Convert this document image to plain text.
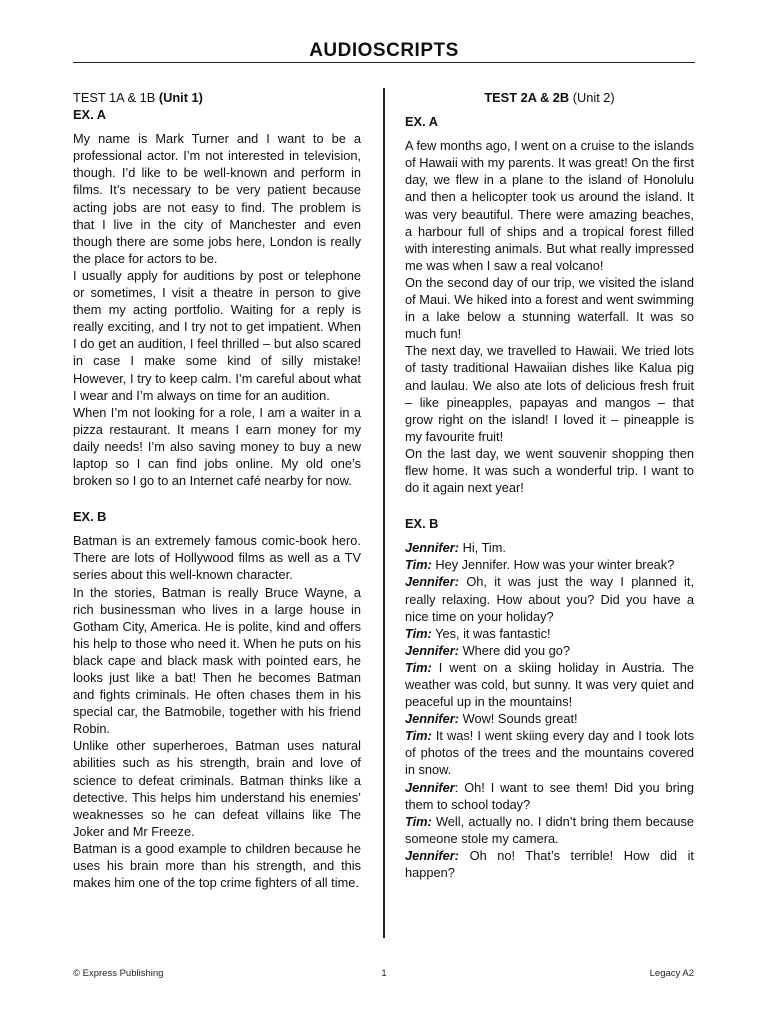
AUDIOSCRIPTS

TEST 1A & 1B (Unit 1)

EX. A

My name is Mark Turner and I want to be a professional actor. I’m not interested in television, though. I’d like to be well-known and perform in films. It’s necessary to be very patient because acting jobs are not easy to find. The problem is that I live in the city of Manchester and even though there are some jobs here, London is really the place for actors to be.

I usually apply for auditions by post or telephone or sometimes, I visit a theatre in person to give them my acting portfolio. Waiting for a reply is really exciting, and I try not to get impatient. When I do get an audition, I feel thrilled – but also scared in case I make some kind of silly mistake! However, I try to keep calm. I’m careful about what I wear and I’m always on time for an audition.

When I’m not looking for a role, I am a waiter in a pizza restaurant. It means I earn money for my daily needs! I’m also saving money to buy a new laptop so I can find jobs online. My old one’s broken so I go to an Internet café nearby for now.

EX. B

Batman is an extremely famous comic-book hero. There are lots of Hollywood films as well as a TV series about this well-known character.

In the stories, Batman is really Bruce Wayne, a rich businessman who lives in a large house in Gotham City, America. He is polite, kind and offers his help to those who need it. When he puts on his black cape and black mask with pointed ears, he looks just like a bat! Then he becomes Batman and fights criminals. He often chases them in his special car, the Batmobile, together with his friend Robin.

Unlike other superheroes, Batman uses natural abilities such as his strength, brain and love of science to defeat criminals. Batman thinks like a detective. This helps him understand his enemies’ weaknesses so he can defeat villains like The Joker and Mr Freeze.

Batman is a good example to children because he uses his brain more than his strength, and this makes him one of the top crime fighters of all time.

TEST 2A & 2B (Unit 2)

EX. A

A few months ago, I went on a cruise to the islands of Hawaii with my parents. It was great! On the first day, we flew in a plane to the island of Honolulu and then a helicopter took us around the island. It was very beautiful. There were amazing beaches, a harbour full of ships and a tropical forest filled with interesting animals. But what really impressed me was when I saw a real volcano!

On the second day of our trip, we visited the island of Maui. We hiked into a forest and went swimming in a lake below a stunning waterfall. It was so much fun!

The next day, we travelled to Hawaii. We tried lots of tasty traditional Hawaiian dishes like Kalua pig and laulau. We also ate lots of delicious fresh fruit – like pineapples, papayas and mangos – that grow right on the island! I loved it – pineapple is my favourite fruit!

On the last day, we went souvenir shopping then flew home. It was such a wonderful trip. I want to do it again next year!

EX. B

Jennifer: Hi, Tim.

Tim: Hey Jennifer. How was your winter break?

Jennifer: Oh, it was just the way I planned it, really relaxing. How about you? Did you have a nice time on your holiday?

Tim: Yes, it was fantastic!

Jennifer: Where did you go?

Tim: I went on a skiing holiday in Austria. The weather was cold, but sunny. It was very quiet and peaceful up in the mountains!

Jennifer: Wow! Sounds great!

Tim: It was! I went skiing every day and I took lots of photos of the trees and the mountains covered in snow.

Jennifer: Oh! I want to see them! Did you bring them to school today?

Tim: Well, actually no. I didn’t bring them because someone stole my camera.

Jennifer: Oh no! That’s terrible! How did it happen?

© Express Publishing	1	Legacy A2
